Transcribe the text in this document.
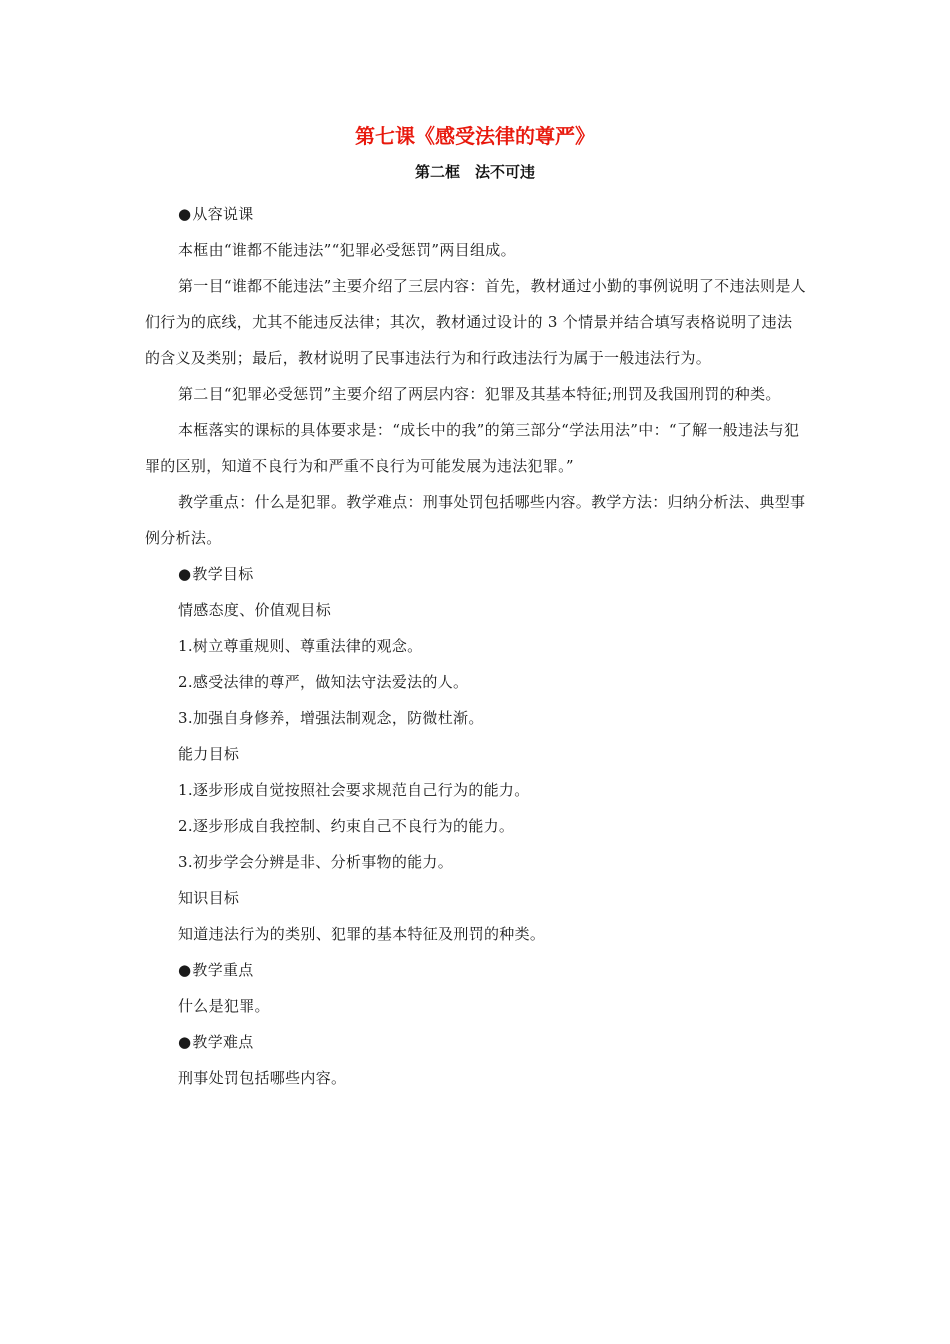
第七课《感受法律的尊严》
第二框　法不可违

● 从容说课

本框由“谁都不能违法”“犯罪必受惩罚”两目组成。

第一目“谁都不能违法”主要介绍了三层内容：首先，教材通过小勤的事例说明了不违法则是人们行为的底线，尤其不能违反法律；其次，教材通过设计的 3 个情景并结合填写表格说明了违法的含义及类别；最后，教材说明了民事违法行为和行政违法行为属于一般违法行为。

第二目“犯罪必受惩罚”主要介绍了两层内容：犯罪及其基本特征;刑罚及我国刑罚的种类。

本框落实的课标的具体要求是：“成长中的我”的第三部分“学法用法”中：“了解一般违法与犯罪的区别，知道不良行为和严重不良行为可能发展为违法犯罪。”

教学重点：什么是犯罪。教学难点：刑事处罚包括哪些内容。教学方法：归纳分析法、典型事例分析法。

● 教学目标

情感态度、价值观目标

1.树立尊重规则、尊重法律的观念。

2.感受法律的尊严，做知法守法爱法的人。

3.加强自身修养，增强法制观念，防微杜渐。

能力目标

1.逐步形成自觉按照社会要求规范自己行为的能力。

2.逐步形成自我控制、约束自己不良行为的能力。

3.初步学会分辨是非、分析事物的能力。

知识目标

知道违法行为的类别、犯罪的基本特征及刑罚的种类。

● 教学重点

什么是犯罪。

● 教学难点

刑事处罚包括哪些内容。
